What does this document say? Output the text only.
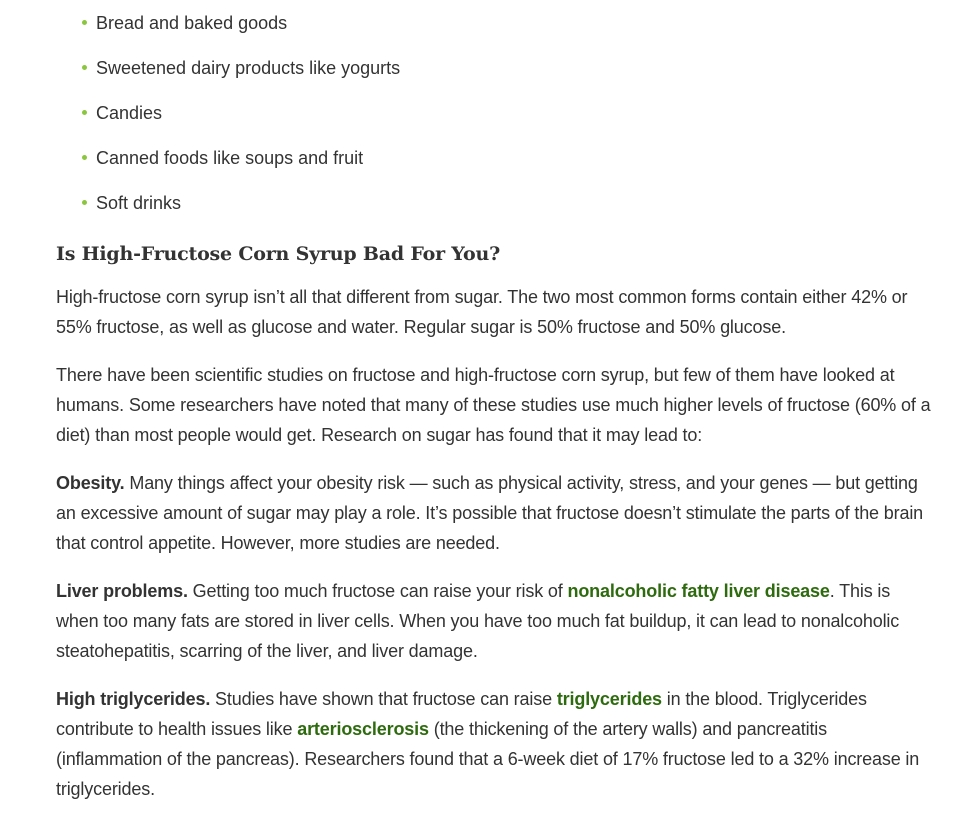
Bread and baked goods
Sweetened dairy products like yogurts
Candies
Canned foods like soups and fruit
Soft drinks
Is High-Fructose Corn Syrup Bad For You?

High-fructose corn syrup isn’t all that different from sugar. The two most common forms contain either 42% or 55% fructose, as well as glucose and water. Regular sugar is 50% fructose and 50% glucose.

There have been scientific studies on fructose and high-fructose corn syrup, but few of them have looked at humans. Some researchers have noted that many of these studies use much higher levels of fructose (60% of a diet) than most people would get. Research on sugar has found that it may lead to:

Obesity. Many things affect your obesity risk — such as physical activity, stress, and your genes — but getting an excessive amount of sugar may play a role. It’s possible that fructose doesn’t stimulate the parts of the brain that control appetite. However, more studies are needed.

Liver problems. Getting too much fructose can raise your risk of nonalcoholic fatty liver disease. This is when too many fats are stored in liver cells. When you have too much fat buildup, it can lead to nonalcoholic steatohepatitis, scarring of the liver, and liver damage.

High triglycerides. Studies have shown that fructose can raise triglycerides in the blood. Triglycerides contribute to health issues like arteriosclerosis (the thickening of the artery walls) and pancreatitis (inflammation of the pancreas). Researchers found that a 6-week diet of 17% fructose led to a 32% increase in triglycerides.
